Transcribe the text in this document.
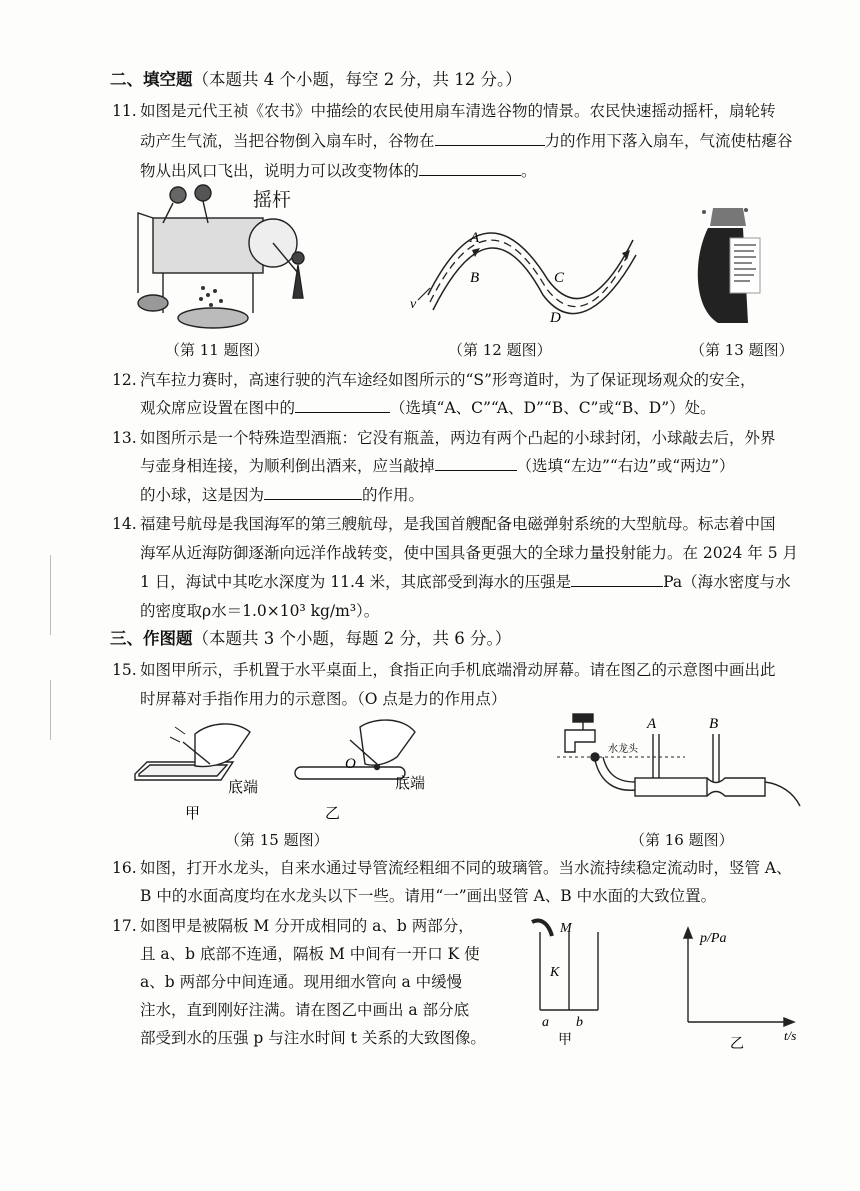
二、填空题（本题共 4 个小题，每空 2 分，共 12 分。）
11. 如图是元代王祯《农书》中描绘的农民使用扇车清选谷物的情景。农民快速摇动摇杆，扇轮转
动产生气流，当把谷物倒入扇车时，谷物在	力的作用下落入扇车，气流使枯瘪谷
物从出风口飞出，说明力可以改变物体的	。
摇杆
A
B	C
D
v
（第 11 题图）	（第 12 题图）	（第 13 题图）
12. 汽车拉力赛时，高速行驶的汽车途经如图所示的“S”形弯道时，为了保证现场观众的安全，
观众席应设置在图中的	（选填“A、C”“A、D”“B、C”或“B、D”）处。
13. 如图所示是一个特殊造型酒瓶：它没有瓶盖，两边有两个凸起的小球封闭，小球敲去后，外界
与壶身相连接，为顺利倒出酒来，应当敲掉	（选填“左边”“右边”或“两边”）
的小球，这是因为	的作用。
14. 福建号航母是我国海军的第三艘航母，是我国首艘配备电磁弹射系统的大型航母。标志着中国
海军从近海防御逐渐向远洋作战转变，使中国具备更强大的全球力量投射能力。在 2024 年 5 月
1 日，海试中其吃水深度为 11.4 米，其底部受到海水的压强是	Pa（海水密度与水
的密度取ρ水＝1.0×10³ kg/m³）。
三、作图题（本题共 3 个小题，每题 2 分，共 6 分。）
15. 如图甲所示，手机置于水平桌面上，食指正向手机底端滑动屏幕。请在图乙的示意图中画出此
时屏幕对手指作用力的示意图。（O 点是力的作用点）
甲	乙
底端	底端
O
水龙头
A	B
（第 15 题图）	（第 16 题图）
16. 如图，打开水龙头，自来水通过导管流经粗细不同的玻璃管。当水流持续稳定流动时，竖管 A、
B 中的水面高度均在水龙头以下一些。请用“一”画出竖管 A、B 中水面的大致位置。
17. 如图甲是被隔板 M 分开成相同的 a、b 两部分，
且 a、b 底部不连通，隔板 M 中间有一开口 K 使
a、b 两部分中间连通。现用细水管向 a 中缓慢
注水，直到刚好注满。请在图乙中画出 a 部分底
部受到水的压强 p 与注水时间 t 关系的大致图像。
M
K
a b
甲
p/Pa
t/s
乙
